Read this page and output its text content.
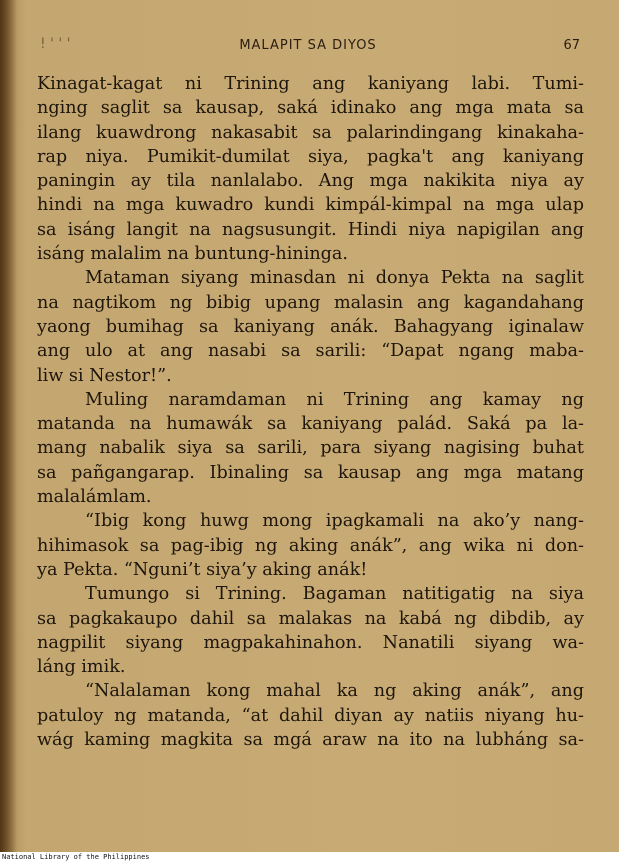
! ' ' '	MALAPIT SA DIYOS	67
Kinagat-kagat ni Trining ang kaniyang labi. Tumi-
nging saglit sa kausap, saká idinako ang mga mata sa
ilang kuawdrong nakasabit sa palarindingang kinakaha-
rap niya. Pumikit-dumilat siya, pagka't ang kaniyang
paningin ay tila nanlalabo. Ang mga nakikita niya ay
hindi na mga kuwadro kundi kimpál-kimpal na mga ulap
sa isáng langit na nagsusungit. Hindi niya napigilan ang
isáng malalim na buntung-hininga.
Mataman siyang minasdan ni donya Pekta na saglit
na nagtikom ng bibig upang malasin ang kagandahang
yaong bumihag sa kaniyang anák. Bahagyang iginalaw
ang ulo at ang nasabi sa sarili: “Dapat ngang maba-
liw si Nestor!”.
Muling naramdaman ni Trining ang kamay ng
matanda na humawák sa kaniyang palád. Saká pa la-
mang nabalik siya sa sarili, para siyang nagising buhat
sa pañgangarap. Ibinaling sa kausap ang mga matang
malalámlam.
“Ibig kong huwg mong ipagkamali na ako’y nang-
hihimasok sa pag-ibig ng aking anák”, ang wika ni don-
ya Pekta. “Nguni’t siya’y aking anák!
Tumungo si Trining. Bagaman natitigatig na siya
sa pagkakaupo dahil sa malakas na kabá ng dibdib, ay
nagpilit siyang magpakahinahon. Nanatili siyang wa-
láng imik.
“Nalalaman kong mahal ka ng aking anák”, ang
patuloy ng matanda, “at dahil diyan ay natiis niyang hu-
wág kaming magkita sa mgá araw na ito na lubháng sa-
National Library of the Philippines
